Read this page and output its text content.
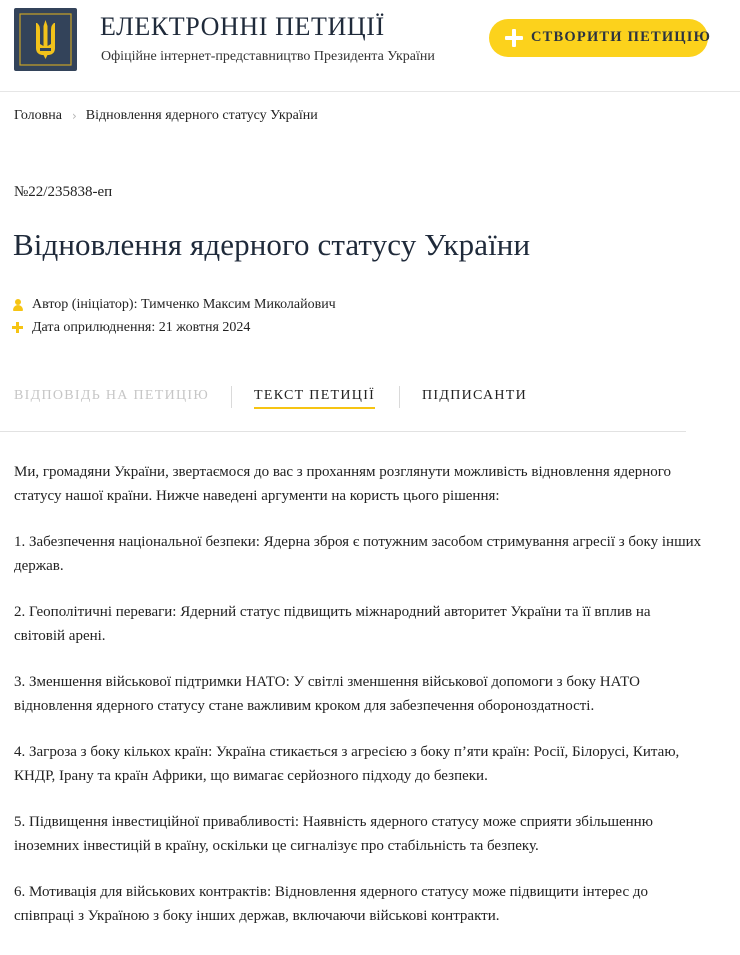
ЕЛЕКТРОННІ ПЕТИЦІЇ
Офіційне інтернет-представництво Президента України
СТВОРИТИ ПЕТИЦІЮ
Головна › Відновлення ядерного статусу України
№22/235838-еп
Відновлення ядерного статусу України
Автор (ініціатор):
Тимченко Максим Миколайович
Дата оприлюднення:
21 жовтня 2024
ВІДПОВІДЬ НА ПЕТИЦІЮ	ТЕКСТ ПЕТИЦІЇ	ПІДПИСАНТИ

Ми, громадяни України, звертаємося до вас з проханням розглянути можливість відновлення ядерного статусу нашої країни. Нижче наведені аргументи на користь цього рішення:

1. Забезпечення національної безпеки: Ядерна зброя є потужним засобом стримування агресії з боку інших держав.

2. Геополітичні переваги: Ядерний статус підвищить міжнародний авторитет України та її вплив на світовій арені.

3. Зменшення військової підтримки НАТО: У світлі зменшення військової допомоги з боку НАТО відновлення ядерного статусу стане важливим кроком для забезпечення обороноздатності.

4. Загроза з боку кількох країн: Україна стикається з агресією з боку п’яти країн: Росії, Білорусі, Китаю, КНДР, Ірану та країн Африки, що вимагає серйозного підходу до безпеки.

5. Підвищення інвестиційної привабливості: Наявність ядерного статусу може сприяти збільшенню іноземних інвестицій в країну, оскільки це сигналізує про стабільність та безпеку.

6. Мотивація для військових контрактів: Відновлення ядерного статусу може підвищити інтерес до співпраці з Україною з боку інших держав, включаючи військові контракти.
